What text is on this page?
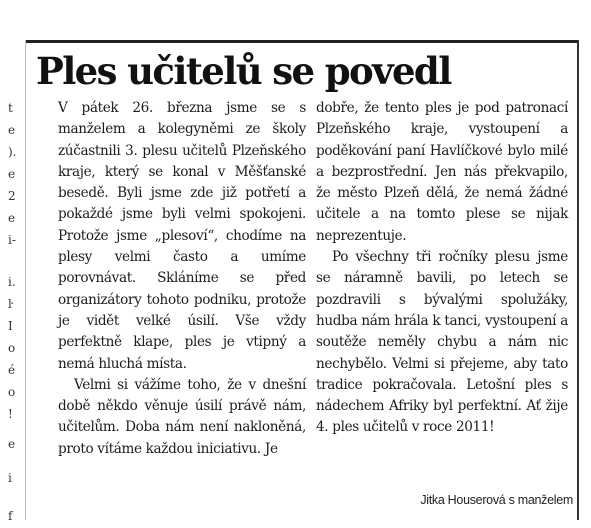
t
e
).
e
2
e
i-
i.
ŀ
I
o
é
o
!
e
i
f
Ples učitelů se povedl

V pátek 26. března jsme se s manželem a kolegyněmi ze školy zúčastnili 3. plesu učitelů Plzeňského kraje, který se konal v Měšťanské besedě. Byli jsme zde již potřetí a pokaždé jsme byli velmi spokojeni. Protože jsme „plesoví“, chodíme na plesy velmi často a umíme porovnávat. Skláníme se před organizátory tohoto podniku, protože je vidět velké úsilí. Vše vždy perfektně klape, ples je vtipný a nemá hluchá místa.

Velmi si vážíme toho, že v dnešní době někdo věnuje úsilí právě nám, učitelům. Doba nám není nakloněná, proto vítáme každou iniciativu. Je

dobře, že tento ples je pod patronací Plzeňského kraje, vystoupení a poděkování paní Havlíčkové bylo milé a bezprostřední. Jen nás překvapilo, že město Plzeň dělá, že nemá žádné učitele a na tomto plese se nijak neprezentuje.

Po všechny tři ročníky plesu jsme se náramně bavili, po letech se pozdravili s bývalými spolužáky, hudba nám hrála k tanci, vystoupení a soutěže neměly chybu a nám nic nechybělo. Velmi si přejeme, aby tato tradice pokračovala. Letošní ples s nádechem Afriky byl perfektní. Ať žije 4. ples učitelů v roce 2011!

Jitka Houserová s manželem
